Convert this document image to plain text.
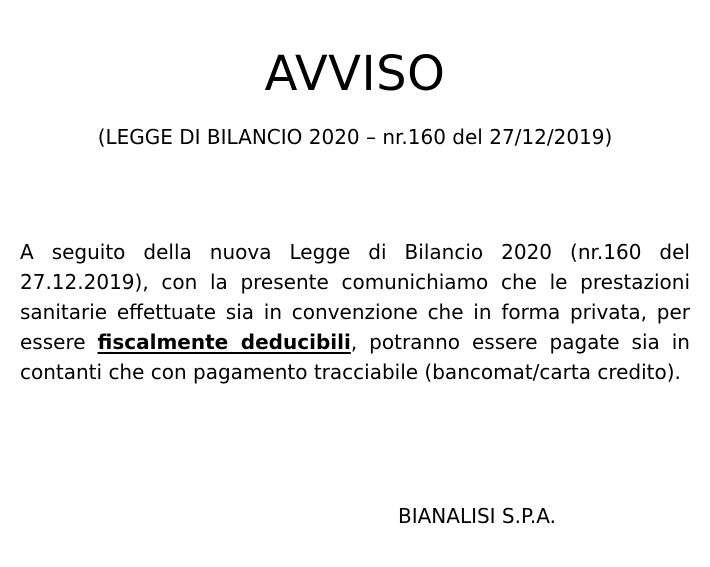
AVVISO

(LEGGE DI BILANCIO 2020 – nr.160 del 27/12/2019)

A seguito della nuova Legge di Bilancio 2020 (nr.160 del 27.12.2019), con la presente comunichiamo che le prestazioni sanitarie effettuate sia in convenzione che in forma privata, per essere fiscalmente deducibili, potranno essere pagate sia in contanti che con pagamento tracciabile (bancomat/carta credito).

BIANALISI S.P.A.
